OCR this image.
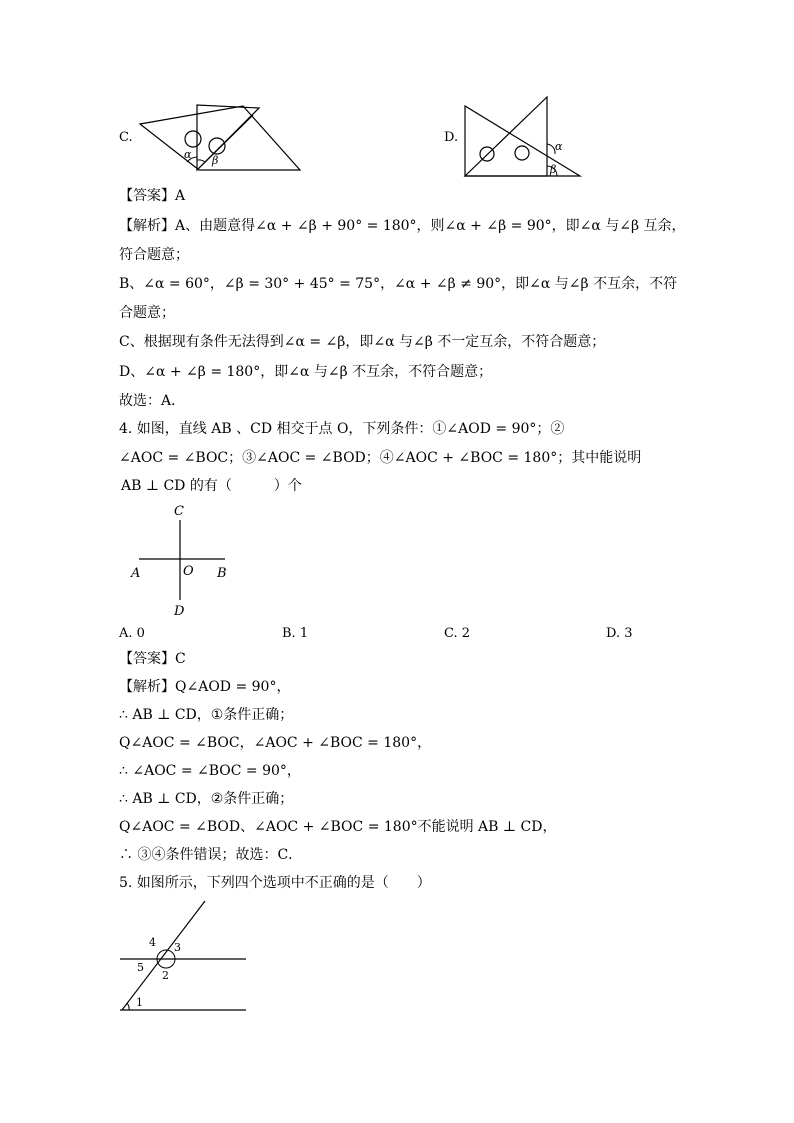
C.
α β
D.
α
β
【答案】A
【解析】A、由题意得∠α + ∠β + 90° = 180°，则∠α + ∠β = 90°，即∠α 与∠β 互余，
符合题意；
B、∠α = 60°，∠β = 30° + 45° = 75°，∠α + ∠β ≠ 90°，即∠α 与∠β 不互余，不符
合题意；
C、根据现有条件无法得到∠α = ∠β，即∠α 与∠β 不一定互余，不符合题意；
D、∠α + ∠β = 180°，即∠α 与∠β 不互余，不符合题意；
故选：A．
4. 如图，直线 AB 、CD 相交于点 O，下列条件：①∠AOD = 90°；②
∠AOC = ∠BOC；③∠AOC = ∠BOD；④∠AOC + ∠BOC = 180°；其中能说明
AB ⊥ CD 的有（　　　）个
C
A	O B
D
A. 0	B. 1	C. 2	D. 3
【答案】C
【解析】Q∠AOD = 90°，
∴ AB ⊥ CD，①条件正确；
Q∠AOC = ∠BOC，∠AOC + ∠BOC = 180°，
∴ ∠AOC = ∠BOC = 90°，
∴ AB ⊥ CD，②条件正确；
Q∠AOC = ∠BOD、∠AOC + ∠BOC = 180°不能说明 AB ⊥ CD，
∴ ③④条件错误；故选：C．
5. 如图所示，下列四个选项中不正确的是（　　）
1
2
3
4
5
